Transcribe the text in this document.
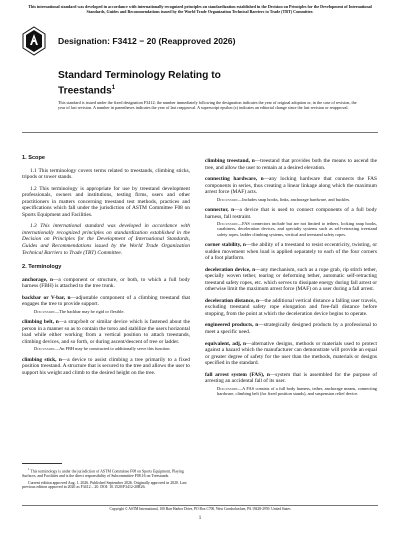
This international standard was developed in accordance with internationally recognized principles on standardization established in the Decision on Principles for the Development of International Standards, Guides and Recommendations issued by the World Trade Organization Technical Barriers to Trade (TBT) Committee.
Designation: F3412 − 20 (Reapproved 2026)
Standard Terminology Relating to
Treestands$^1$
This standard is issued under the fixed designation F3412; the number immediately following the designation indicates the year of original adoption or, in the case of revision, the year of last revision. A number in parentheses indicates the year of last reapproval. A superscript epsilon (ε) indicates an editorial change since the last revision or reapproval.
1. Scope

1.1 This terminology covers terms related to treestands, climbing sticks, tripods or tower stands.

1.2 This terminology is appropriate for use by treestand development professionals, owners and institutions, testing firms, users and other practitioners in matters concerning treestand test methods, practices and specifications which fall under the jurisdiction of ASTM Committee F08 on Sports Equipment and Facilities.

1.3 This international standard was developed in accordance with internationally recognized principles on standardization established in the Decision on Principles for the Development of International Standards, Guides and Recommendations issued by the World Trade Organization Technical Barriers to Trade (TBT) Committee.

2. Terminology
anchorage, n—a component or structure, or both, to which a full body harness (FBH) is attached to the tree trunk.
backbar or V-bar, n—adjustable component of a climbing treestand that engages the tree to provide support.
Discussion—The backbar may be rigid or flexible.
climbing belt, n—a strap/belt or similar device which is fastened about the person in a manner so as to contain the torso and stabilize the users horizontal load while either working from a vertical position to attach treestands, climbing devices, and so forth, or during ascent/descent of tree or ladder.
Discussion—An FBH may be constructed to additionally serve this function.
climbing stick, n—a device to assist climbing a tree primarily to a fixed position treestand. A structure that is secured to the tree and allows the user to support his weight and climb to the desired height on the tree.
climbing treestand, n—treestand that provides both the means to ascend the tree, and allow the user to remain at a desired elevation.
connecting hardware, n—any locking hardware that connects the FAS components in series, thus creating a linear linkage along which the maximum arrest force (MAF) acts.
Discussion—Includes snap hooks, links, anchorage hardware, and buckles.
connector, n—a device that is used to connect components of a full body harness, fall restraint.
Discussion—FAS connectors include but are not limited to tethers, locking snap hooks, carabiners, deceleration devices, and specialty systems such as self-retracting treestand safety ropes, ladder climbing systems, vertical and treestand safety ropes.
corner stability, n—the ability of a treestand to resist eccentricity, twisting, or sudden movement when load is applied separately to each of the four corners of a foot platform.
deceleration device, n—any mechanism, such as a rope grab, rip stitch tether, specially woven tether, tearing or deforming tether, automatic self-retracting treestand safety ropes, etc. which serves to dissipate energy during fall arrest or otherwise limit the maximum arrest force (MAF) on a user during a fall arrest.
deceleration distance, n—the additional vertical distance a falling user travels, excluding treestand safety rope elongation and free-fall distance before stopping, from the point at which the deceleration device begins to operate.
engineered products, n—strategically designed products by a professional to meet a specific need.
equivalent, adj, n—alternative designs, methods or materials used to protect against a hazard which the manufacturer can demonstrate will provide an equal or greater degree of safety for the user than the methods, materials or designs specified in the standard.
fall arrest system (FAS), n—system that is assembled for the purpose of arresting an accidental fall of its user.
Discussion—A FAS consists of a full body harness, tether, anchorage means, connecting hardware, climbing belt (for fixed position stands), and suspension relief device.

$^1$ This terminology is under the jurisdiction of ASTM Committee F08 on Sports Equipment, Playing Surfaces, and Facilities and is the direct responsibility of Subcommittee F08.16 on Treestands.

Current edition approved Aug. 1, 2026. Published September 2026. Originally approved in 2020. Last previous edition approved in 2020 as F3412 – 20. DOI: 10.1520/F3412-20R26.

Copyright © ASTM International, 100 Barr Harbor Drive, PO Box C700, West Conshohocken, PA 19428-2959. United States
1
